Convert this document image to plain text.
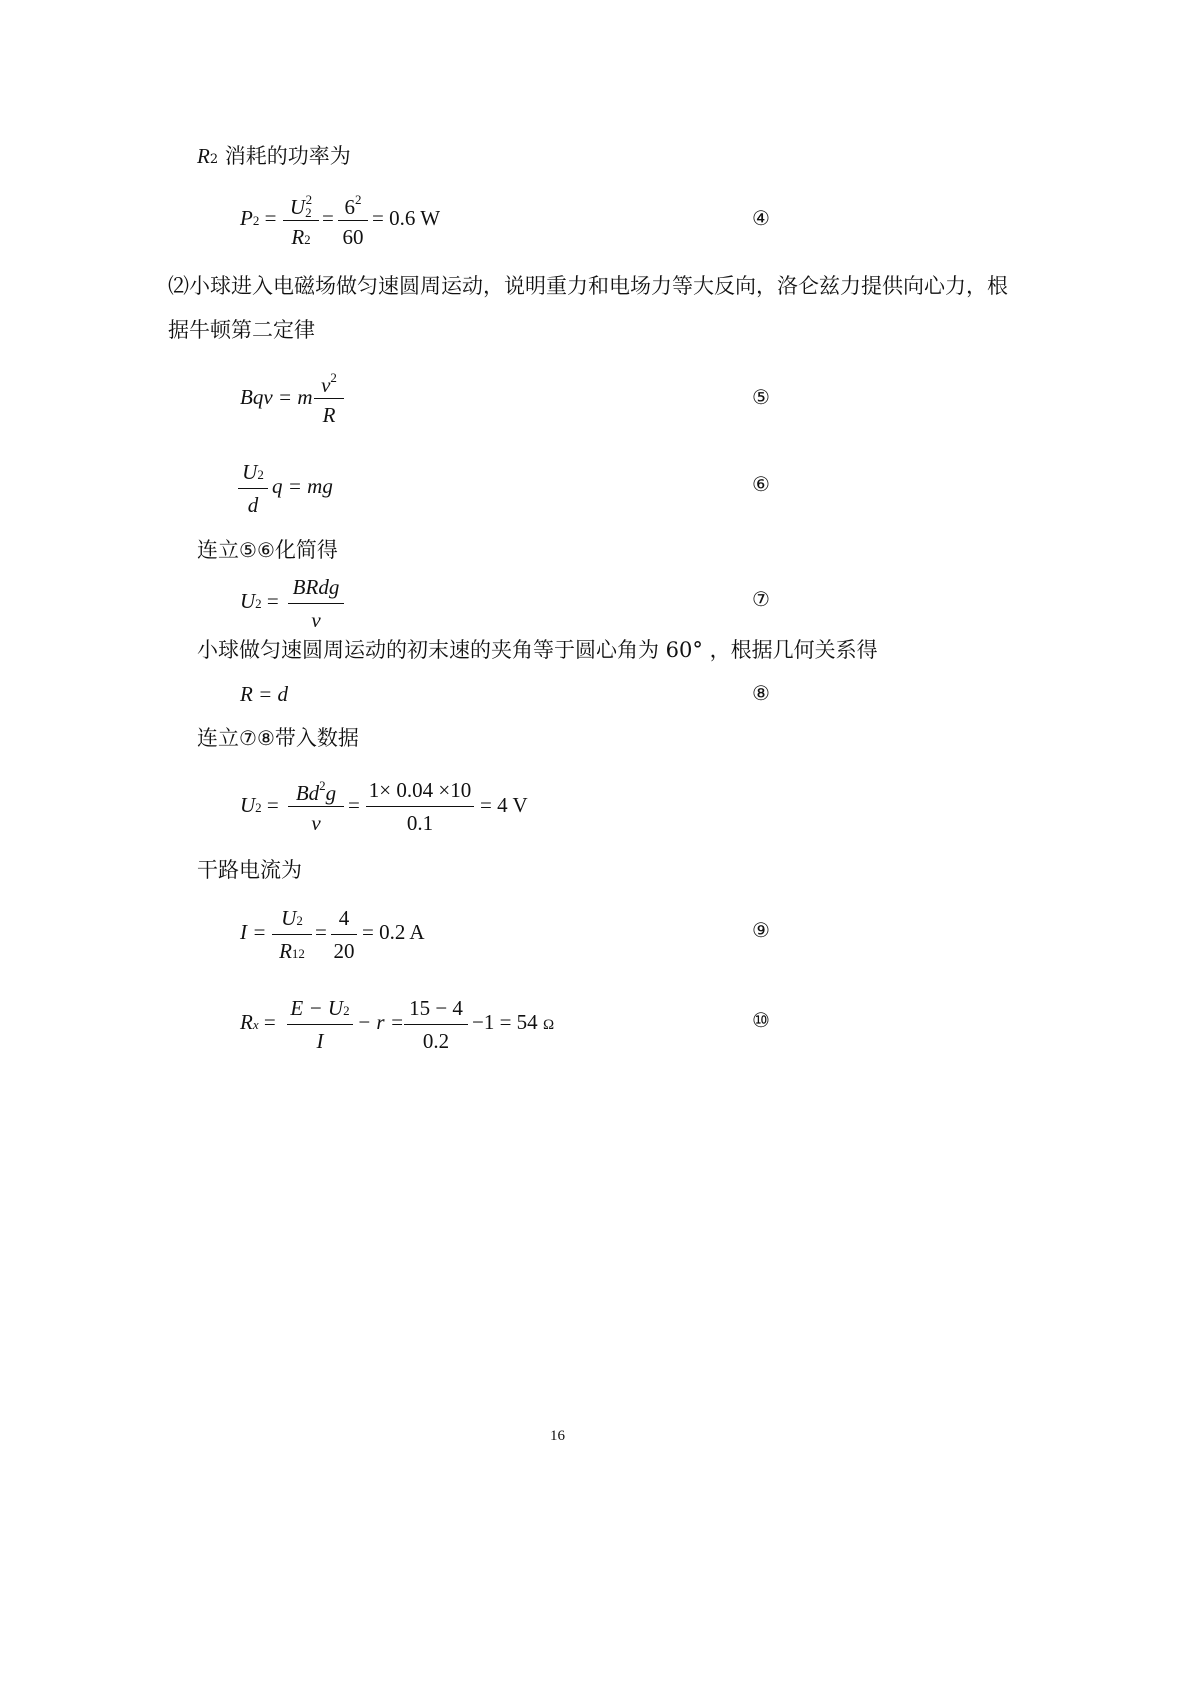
R2 消耗的功率为
$P2 = U_2^2$
R2
= $6^2$
60
= 0.6 W	④
⑵小球进入电磁场做匀速圆周运动，说明重力和电场力等大反向，洛仑兹力提供向心力，根
据牛顿第二定律
Bqv = m $v^2$
R
⑤
U2
d
q = mg	⑥
连立⑤⑥化简得
U2 =
BRdg
v
⑦
小球做匀速圆周运动的初末速的夹角等于圆心角为 60° ，根据几何关系得
R = d	⑧
连立⑦⑧带入数据
$U2 = Bd^2g$
v
=
1× 0.04 ×10
0.1
= 4 V
干路电流为
I =
U2
R12
=
4
20
= 0.2 A	⑨
Rx =
E − U2
I
− r =
15 − 4
0.2
−1 = 54 Ω	⑩
16
